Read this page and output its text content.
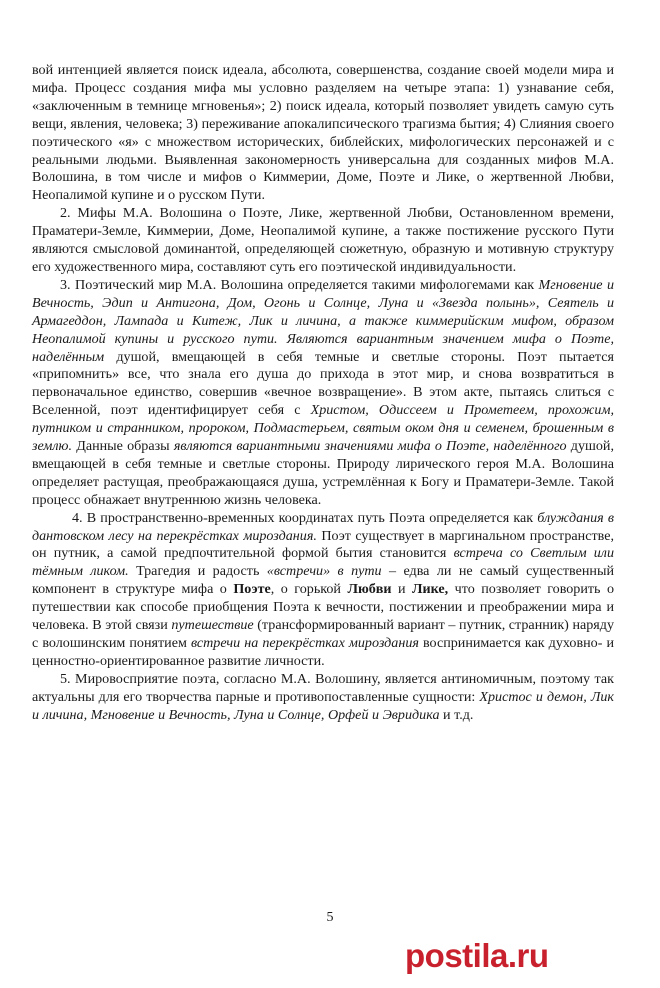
вой интенцией является поиск идеала, абсолюта, совершенства, создание своей модели мира и мифа. Процесс создания мифа мы условно разделяем на четыре этапа: 1) узнавание себя, «заключенным в темнице мгновенья»; 2) поиск идеала, который позволяет увидеть самую суть вещи, явления, человека; 3) переживание апокалипсического трагизма бытия; 4) Слияния своего поэтического «я» с множеством исторических, библейских, мифологических персонажей и с реальными людьми. Выявленная закономерность универсальна для созданных мифов М.А. Волошина, в том числе и мифов о Киммерии, Доме, Поэте и Лике, о жертвенной Любви, Неопалимой купине и о русском Пути.

2. Мифы М.А. Волошина о Поэте, Лике, жертвенной Любви, Остановленном времени, Праматери-Земле, Киммерии, Доме, Неопалимой купине, а также постижение русского Пути являются смысловой доминантой, определяющей сюжетную, образную и мотивную структуру его художественного мира, составляют суть его поэтической индивидуальности.

3. Поэтический мир М.А. Волошина определяется такими мифологемами как Мгновение и Вечность, Эдип и Антигона, Дом, Огонь и Солнце, Луна и «Звезда полынь», Сеятель и Армагеддон, Лампада и Китеж, Лик и личина, а также киммерийским мифом, образом Неопалимой купины и русского пути. Являются вариантным значением мифа о Поэте, наделённым душой, вмещающей в себя темные и светлые стороны. Поэт пытается «припомнить» все, что знала его душа до прихода в этот мир, и снова возвратиться в первоначальное единство, совершив «вечное возвращение». В этом акте, пытаясь слиться с Вселенной, поэт идентифицирует себя с Христом, Одиссеем и Прометеем, прохожим, путником и странником, пророком, Подмастерьем, святым оком дня и семенем, брошенным в землю. Данные образы являются вариантными значениями мифа о Поэте, наделённого душой, вмещающей в себя темные и светлые стороны. Природу лирического героя М.А. Волошина определяет растущая, преображающаяся душа, устремлённая к Богу и Праматери-Земле. Такой процесс обнажает внутреннюю жизнь человека.

4. В пространственно-временных координатах путь Поэта определяется как блуждания в дантовском лесу на перекрёстках мироздания. Поэт существует в маргинальном пространстве, он путник, а самой предпочтительной формой бытия становится встреча со Светлым или тёмным ликом. Трагедия и радость «встречи» в пути – едва ли не самый существенный компонент в структуре мифа о Поэте, о горькой Любви и Лике, что позволяет говорить о путешествии как способе приобщения Поэта к вечности, постижении и преображении мира и человека. В этой связи путешествие (трансформированный вариант – путник, странник) наряду с волошинским понятием встречи на перекрёстках мироздания воспринимается как духовно- и ценностно-ориентированное развитие личности.

5. Мировосприятие поэта, согласно М.А. Волошину, является антиномичным, поэтому так актуальны для его творчества парные и противопоставленные сущности: Христос и демон, Лик и личина, Мгновение и Вечность, Луна и Солнце, Орфей и Эвридика и т.д.

5
postila.ru
